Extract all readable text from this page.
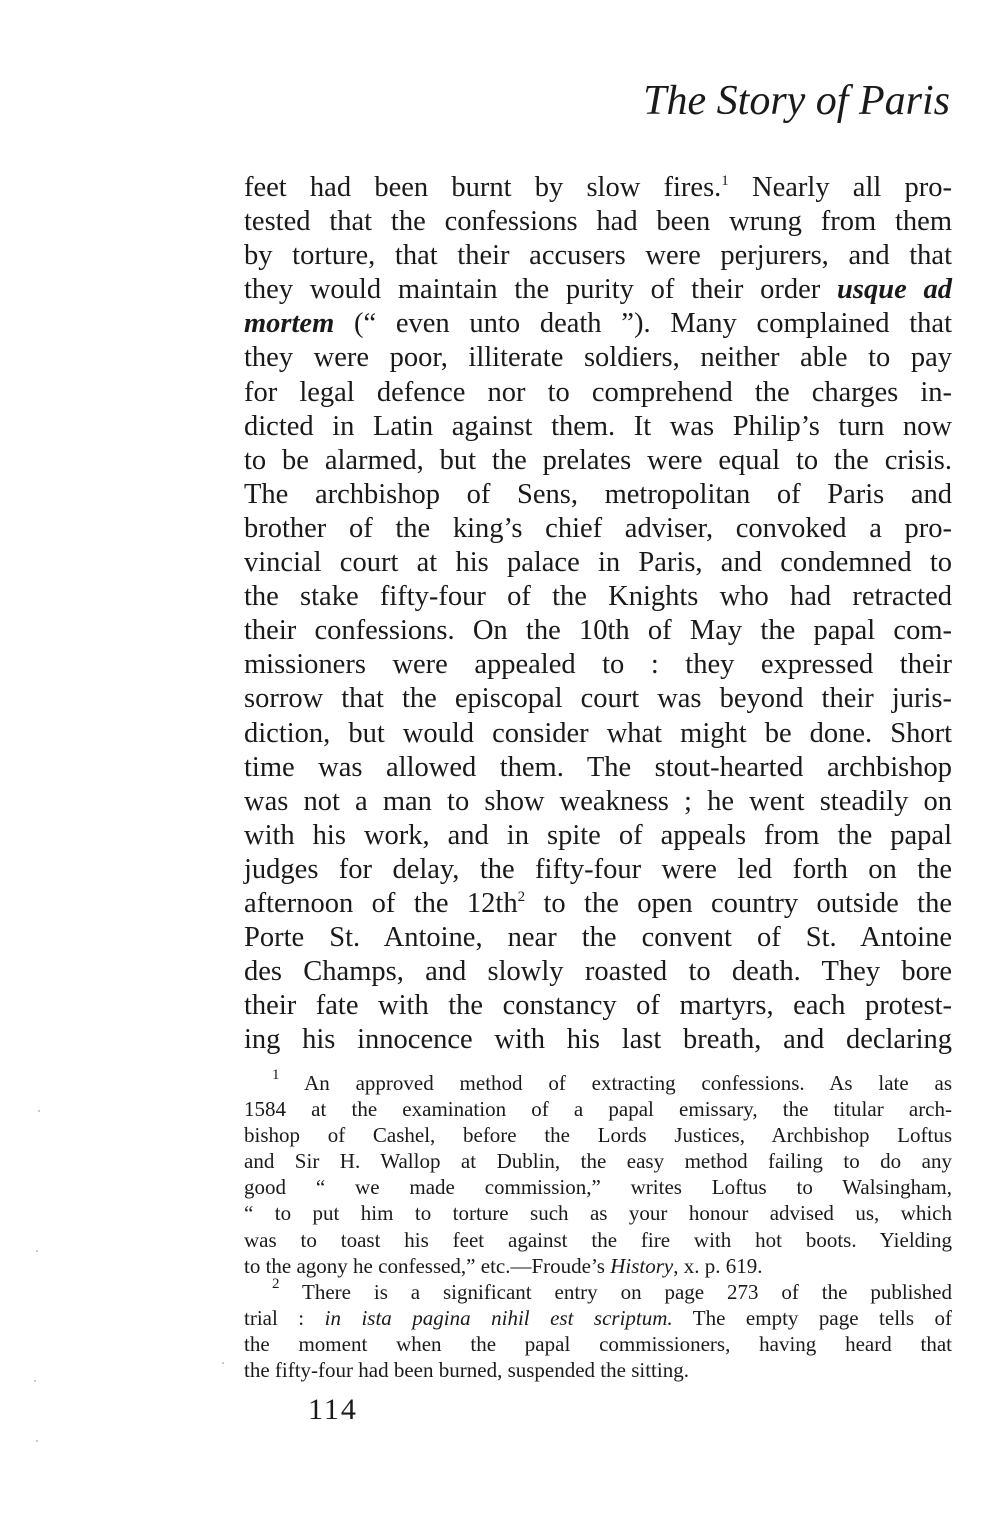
The Story of Paris
feet had been burnt by slow fires.$^1$ Nearly all pro-
tested that the confessions had been wrung from them
by torture, that their accusers were perjurers, and that
they would maintain the purity of their order usque ad
mortem (“ even unto death ”). Many complained that
they were poor, illiterate soldiers, neither able to pay
for legal defence nor to comprehend the charges in-
dicted in Latin against them. It was Philip’s turn now
to be alarmed, but the prelates were equal to the crisis.
The archbishop of Sens, metropolitan of Paris and
brother of the king’s chief adviser, convoked a pro-
vincial court at his palace in Paris, and condemned to
the stake fifty-four of the Knights who had retracted
their confessions. On the 10th of May the papal com-
missioners were appealed to : they expressed their
sorrow that the episcopal court was beyond their juris-
diction, but would consider what might be done. Short
time was allowed them. The stout-hearted archbishop
was not a man to show weakness ; he went steadily on
with his work, and in spite of appeals from the papal
judges for delay, the fifty-four were led forth on the
afternoon of the $12th^2$ to the open country outside the
Porte St. Antoine, near the convent of St. Antoine
des Champs, and slowly roasted to death. They bore
their fate with the constancy of martyrs, each protest-
ing his innocence with his last breath, and declaring
$^1$ An approved method of extracting confessions. As late as
1584 at the examination of a papal emissary, the titular arch-
bishop of Cashel, before the Lords Justices, Archbishop Loftus
and Sir H. Wallop at Dublin, the easy method failing to do any
good “ we made commission,” writes Loftus to Walsingham,
“ to put him to torture such as your honour advised us, which
was to toast his feet against the fire with hot boots. Yielding
to the agony he confessed,” etc.—Froude’s History, x. p. 619.
$^2$ There is a significant entry on page 273 of the published
trial : in ista pagina nihil est scriptum. The empty page tells of
the moment when the papal commissioners, having heard that
the fifty-four had been burned, suspended the sitting.
114
